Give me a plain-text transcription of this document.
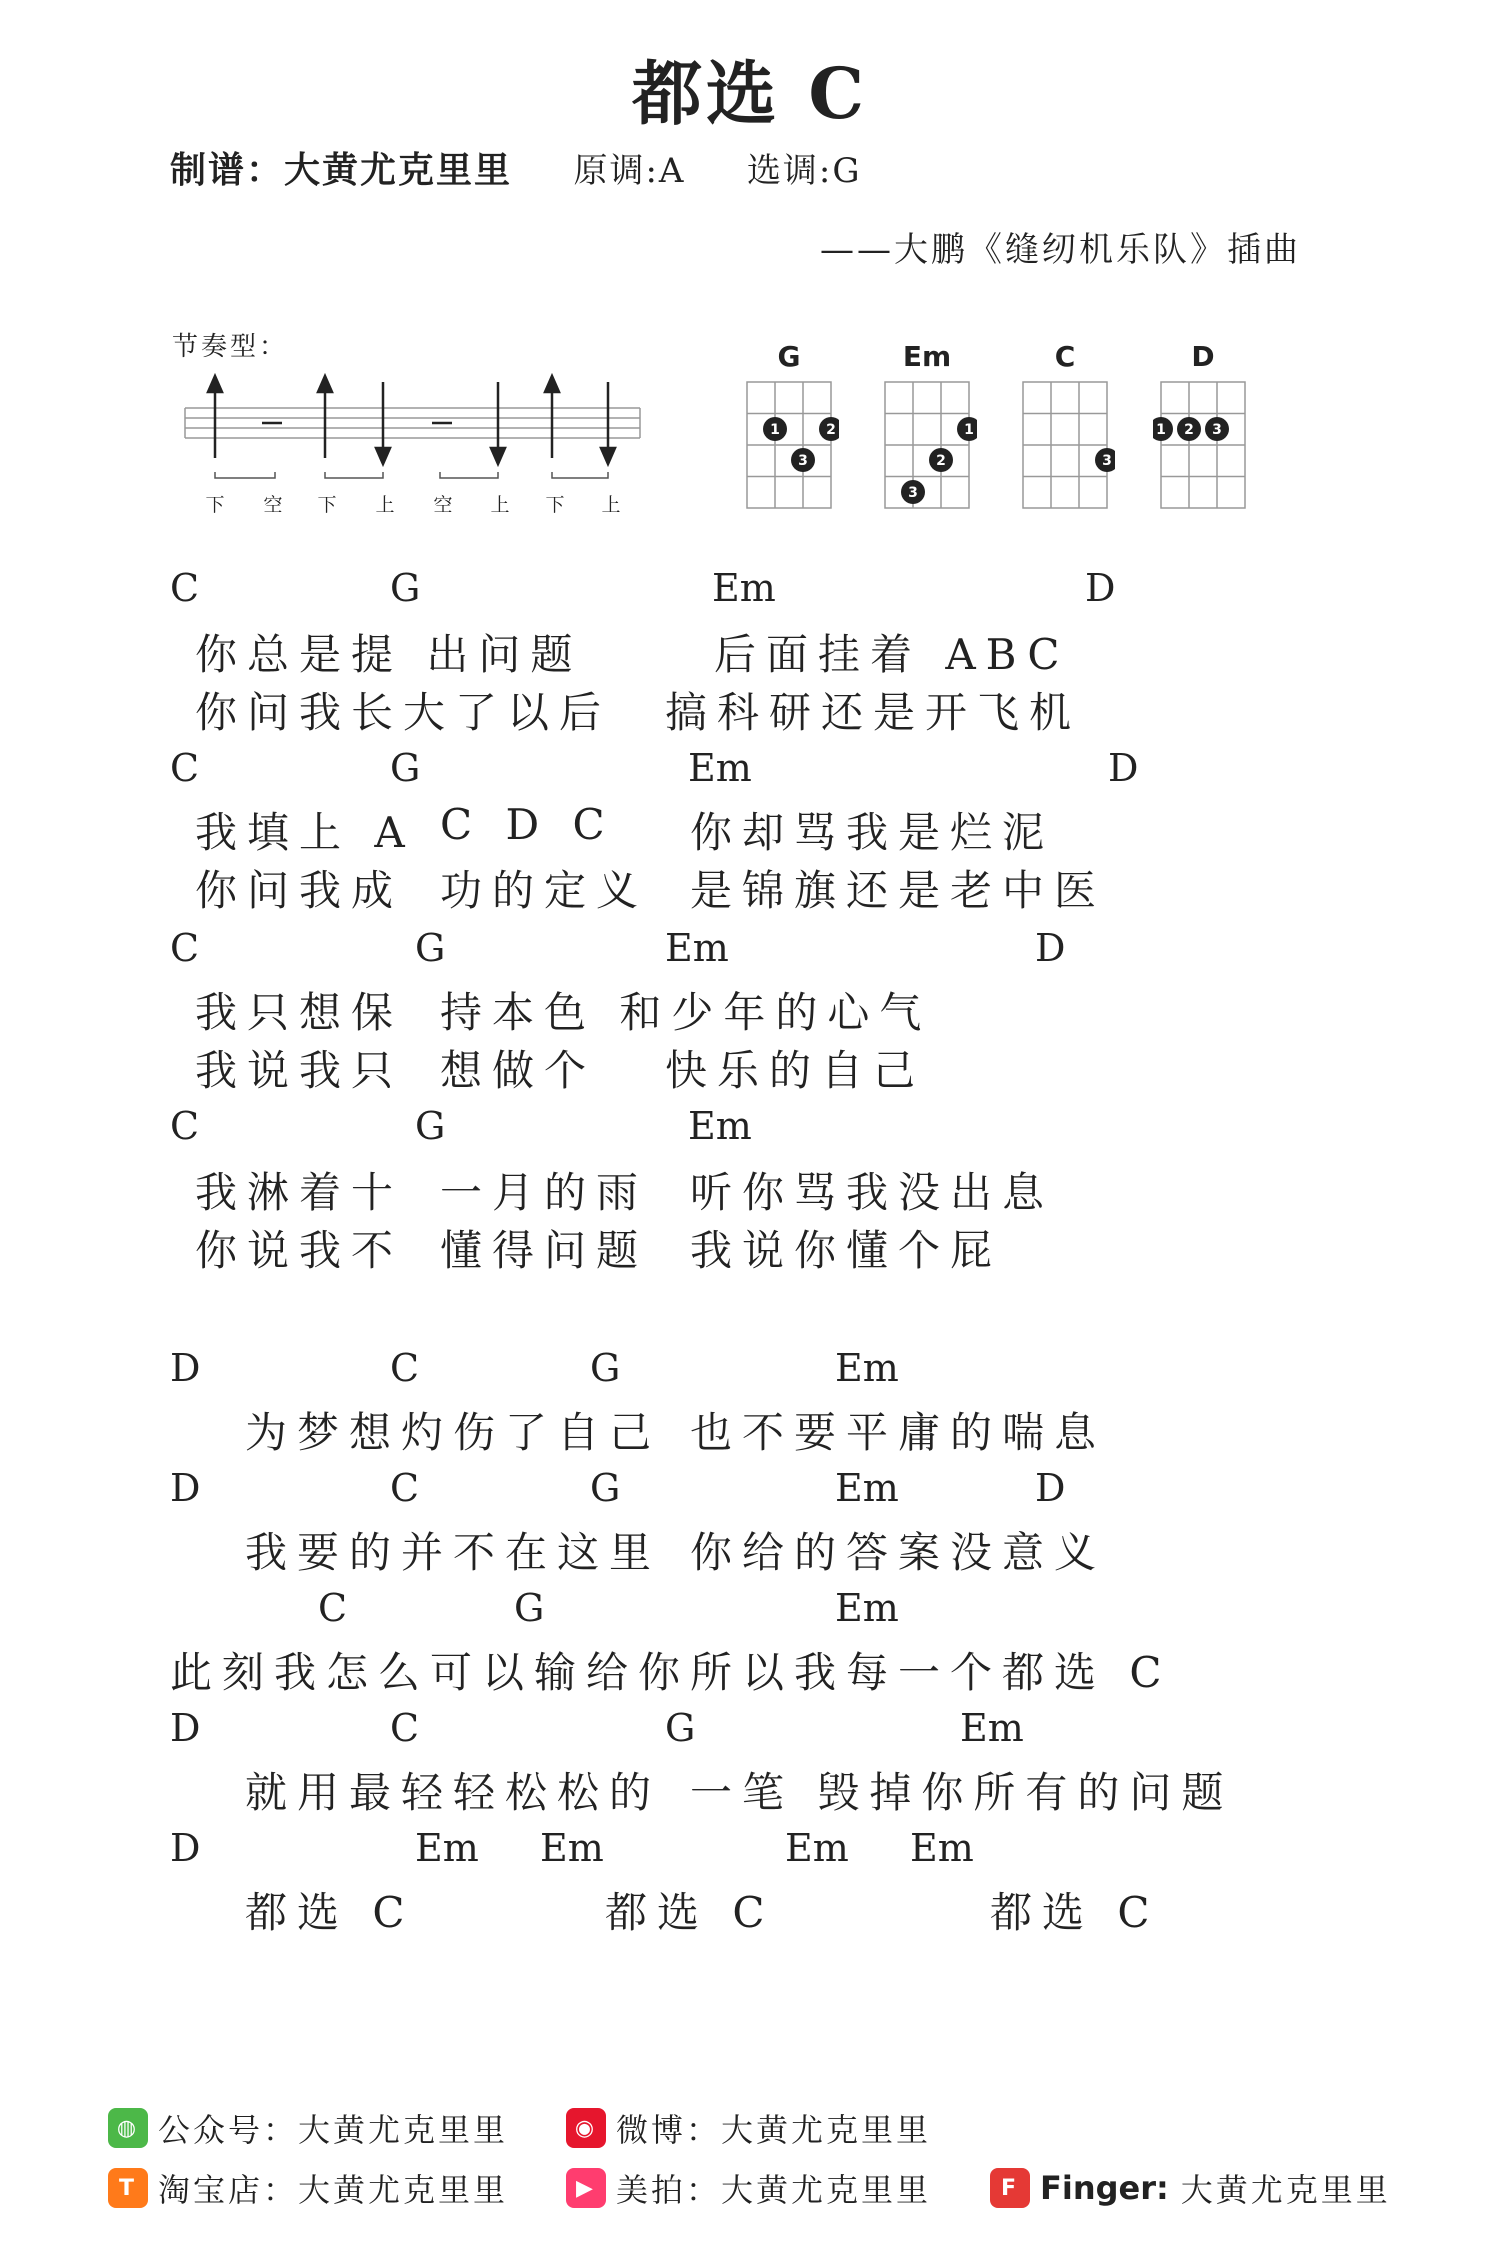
都选 C
制谱：大黄尤克里里 原调:A 选调:G
——大鹏《缝纫机乐队》插曲
节奏型：
下	空	下	上	空	上	下	上
G
1
3
2
Em
1
2
3
C
3
D
1 2 3
C	G	Em	D
你总是提 出问题	后面挂着 ABC
你问我长大了以后 搞科研还是开飞机
C	G	Em	D
我填上 A C D C 你却骂我是烂泥
你问我成 功的定义 是锦旗还是老中医
C	G	Em	D
我只想保 持本色 和少年的心气
我说我只 想做个 快乐的自己
C	G	Em
我淋着十 一月的雨 听你骂我没出息
你说我不 懂得问题 我说你懂个屁
D	C	G	Em
为梦想灼伤了自己 也不要平庸的喘息
D	C	G	Em	D
我要的并不在这里 你给的答案没意义
C	G	Em
此刻我怎么可以输给你 所以我每一个都选 C
D	C	G	Em
就用最轻轻松松的 一笔 毁掉你所有的问题
D	Em Em	Em Em
都选 C	都选 C	都选 C
◍ 公众号：大黄尤克里里	◉ 微博：大黄尤克里里
T 淘宝店：大黄尤克里里	▶ 美拍：大黄尤克里里	F Finger: 大黄尤克里里
